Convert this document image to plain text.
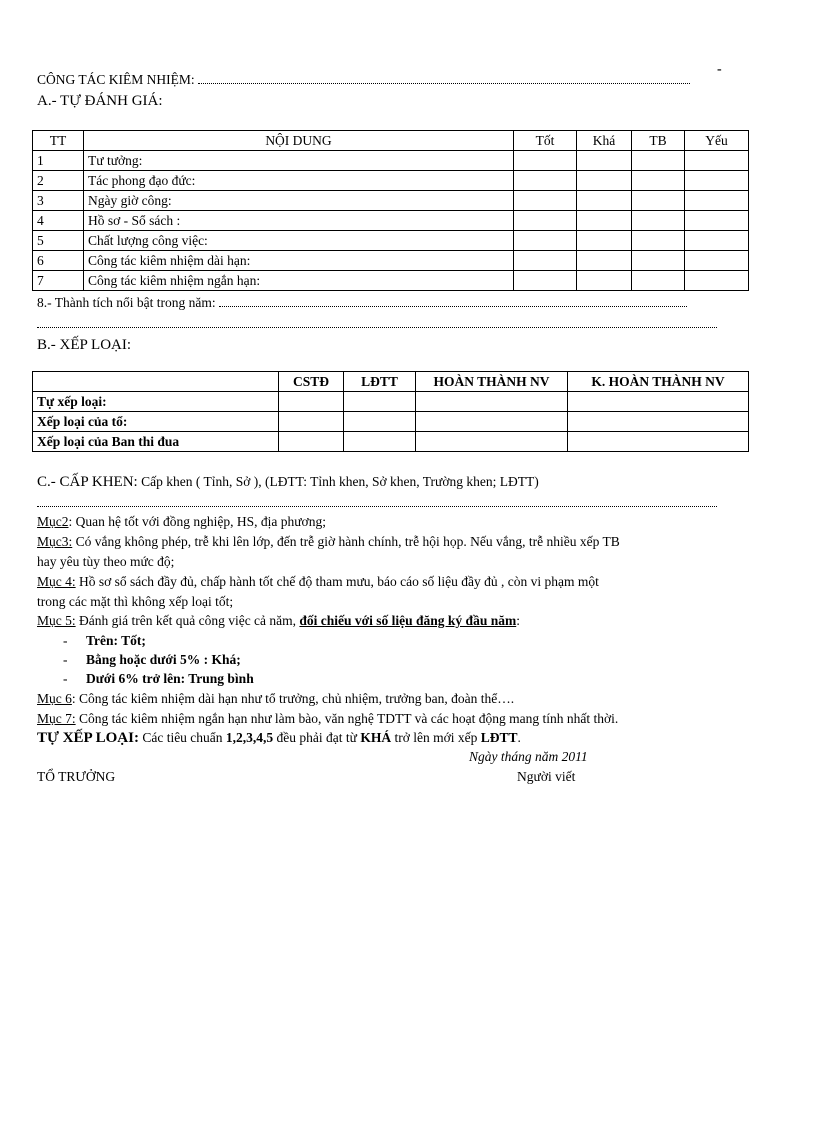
-
CÔNG TÁC KIÊM NHIỆM:
A.- TỰ ĐÁNH GIÁ:
TT	NỘI DUNG	Tốt	Khá	TB	Yếu
1	Tư tưởng:				
2	Tác phong đạo đức:				
3	Ngày giờ công:				
4	Hồ sơ - Sổ sách :				
5	Chất lượng công việc:				
6	Công tác kiêm nhiệm dài hạn:				
7	Công tác kiêm nhiệm ngắn hạn:				
8.- Thành tích nổi bật trong năm:
B.- XẾP LOẠI:
	CSTĐ	LĐTT	HOÀN THÀNH NV	K. HOÀN THÀNH NV
Tự xếp loại:				
Xếp loại của tổ:				
Xếp loại của Ban thi đua				
C.- CẤP KHEN: Cấp khen ( Tỉnh, Sở ), (LĐTT: Tỉnh khen, Sở khen, Trường khen; LĐTT)
Mục2: Quan hệ tốt với đồng nghiệp, HS, địa phương;
Mục3: Có vắng không phép, trễ khi lên lớp, đến trễ giờ hành chính, trễ hội họp. Nếu vắng, trễ nhiều xếp TB
hay yêu tùy theo mức độ;
Mục 4: Hồ sơ sổ sách đầy đủ, chấp hành tốt chế độ tham mưu, báo cáo số liệu đầy đủ , còn vi phạm một
trong các mặt thì không xếp loại tốt;
Mục 5: Đánh giá trên kết quả công việc cả năm, đối chiếu với số liệu đăng ký đầu năm:
- Trên: Tốt;
- Bằng hoặc dưới 5% : Khá;
- Dưới 6% trở lên: Trung bình
Mục 6: Công tác kiêm nhiệm dài hạn như tổ trưởng, chủ nhiệm, trưởng ban, đoàn thể….
Mục 7: Công tác kiêm nhiệm ngắn hạn như làm bào, văn nghệ TDTT và các hoạt động mang tính nhất thời.
TỰ XẾP LOẠI: Các tiêu chuẩn 1,2,3,4,5 đều phải đạt từ KHÁ trở lên mới xếp LĐTT.
Ngày tháng năm 2011
TỔ TRƯỞNG	Người viết
